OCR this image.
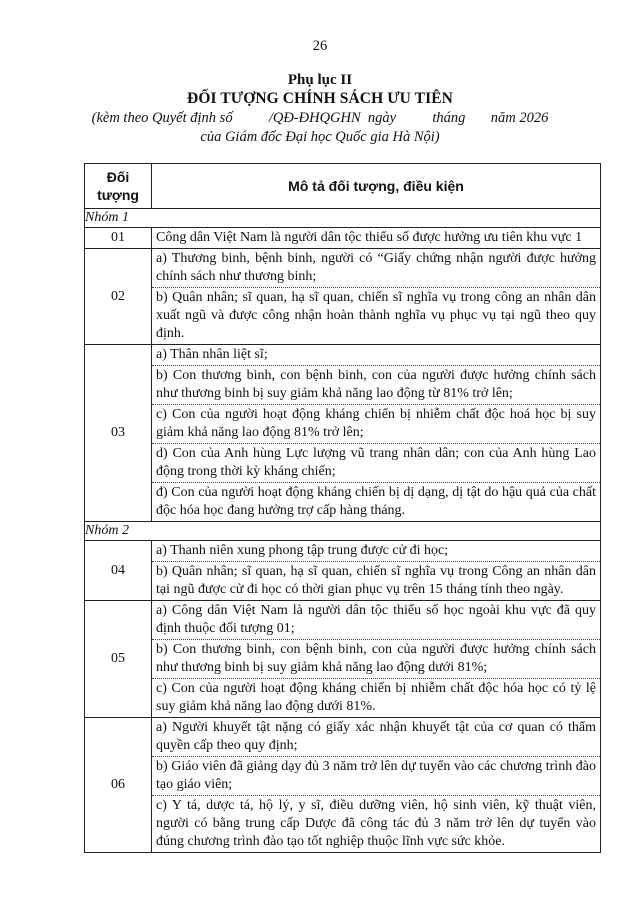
26
Phụ lục II
ĐỐI TƯỢNG CHÍNH SÁCH ƯU TIÊN
(kèm theo Quyết định số          /QĐ-ĐHQGHN  ngày          tháng       năm 2026
của Giám đốc Đại học Quốc gia Hà Nội)
Đối tượng	Mô tả đối tượng, điều kiện
Nhóm 1	
01	Công dân Việt Nam là người dân tộc thiểu số được hưởng ưu tiên khu vực 1

02	a) Thương binh, bệnh binh, người có “Giấy chứng nhận người được hưởng chính sách như thương binh;
b) Quân nhân; sĩ quan, hạ sĩ quan, chiến sĩ nghĩa vụ trong công an nhân dân xuất ngũ và được công nhận hoàn thành nghĩa vụ phục vụ tại ngũ theo quy định.

03	a) Thân nhân liệt sĩ;
b) Con thương binh, con bệnh binh, con của người được hưởng chính sách như thương binh bị suy giảm khả năng lao động từ 81% trở lên;
c) Con của người hoạt động kháng chiến bị nhiễm chất độc hoá học bị suy giảm khả năng lao động 81% trở lên;
d) Con của Anh hùng Lực lượng vũ trang nhân dân; con của Anh hùng Lao động trong thời kỳ kháng chiến;
đ) Con của người hoạt động kháng chiến bị dị dạng, dị tật do hậu quả của chất độc hóa học đang hưởng trợ cấp hàng tháng.

Nhóm 2	
04	a) Thanh niên xung phong tập trung được cử đi học;
b) Quân nhân; sĩ quan, hạ sĩ quan, chiến sĩ nghĩa vụ trong Công an nhân dân tại ngũ được cử đi học có thời gian phục vụ trên 15 tháng tính theo ngày.

05	a) Công dân Việt Nam là người dân tộc thiểu số học ngoài khu vực đã quy định thuộc đối tượng 01;
b) Con thương binh, con bệnh binh, con của người được hưởng chính sách như thương binh bị suy giảm khả năng lao động dưới 81%;
c) Con của người hoạt động kháng chiến bị nhiễm chất độc hóa học có tỷ lệ suy giảm khả năng lao động dưới 81%.

06	a) Người khuyết tật nặng có giấy xác nhận khuyết tật của cơ quan có thẩm quyền cấp theo quy định;
b) Giáo viên đã giảng dạy đủ 3 năm trở lên dự tuyển vào các chương trình đào tạo giáo viên;
c) Y tá, dược tá, hộ lý, y sĩ, điều dưỡng viên, hộ sinh viên, kỹ thuật viên, người có bằng trung cấp Dược đã công tác đủ 3 năm trở lên dự tuyển vào đúng chương trình đào tạo tốt nghiệp thuộc lĩnh vực sức khỏe.
